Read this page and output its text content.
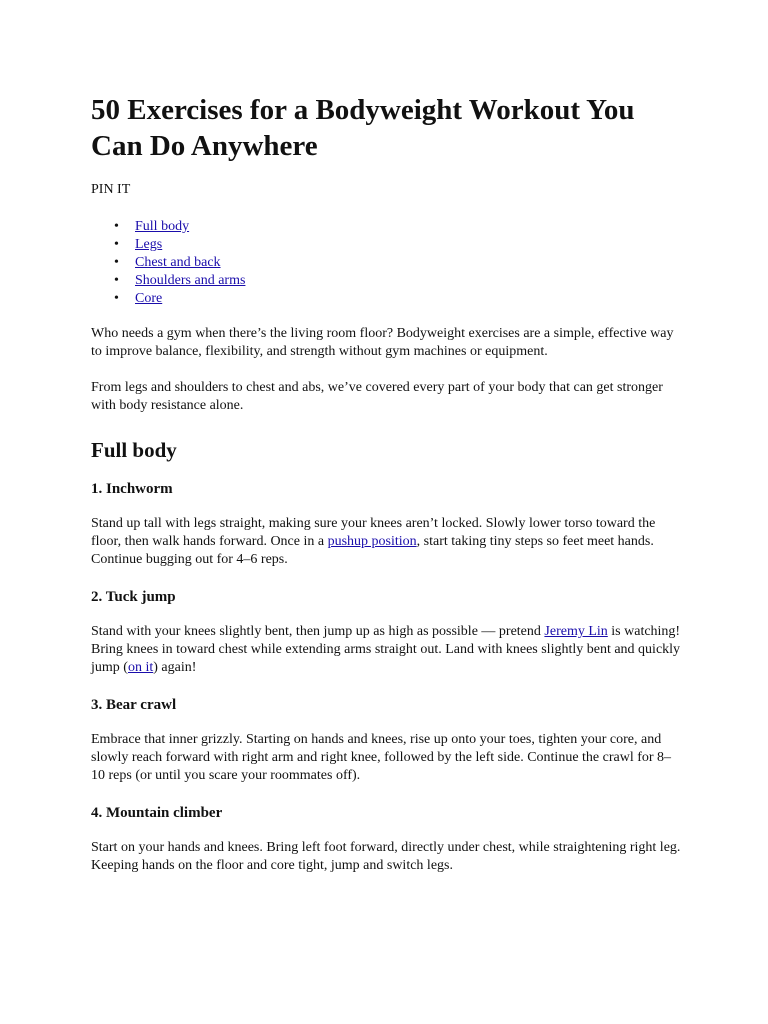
50 Exercises for a Bodyweight Workout You Can Do Anywhere
PIN IT
• Full body
• Legs
• Chest and back
• Shoulders and arms
• Core

Who needs a gym when there’s the living room floor? Bodyweight exercises are a simple, effective way to improve balance, flexibility, and strength without gym machines or equipment.

From legs and shoulders to chest and abs, we’ve covered every part of your body that can get stronger with body resistance alone.

Full body
1. Inchworm

Stand up tall with legs straight, making sure your knees aren’t locked. Slowly lower torso toward the floor, then walk hands forward. Once in a pushup position, start taking tiny steps so feet meet hands. Continue bugging out for 4–6 reps.

2. Tuck jump

Stand with your knees slightly bent, then jump up as high as possible — pretend Jeremy Lin is watching! Bring knees in toward chest while extending arms straight out. Land with knees slightly bent and quickly jump (on it) again!

3. Bear crawl

Embrace that inner grizzly. Starting on hands and knees, rise up onto your toes, tighten your core, and slowly reach forward with right arm and right knee, followed by the left side. Continue the crawl for 8–10 reps (or until you scare your roommates off).

4. Mountain climber

Start on your hands and knees. Bring left foot forward, directly under chest, while straightening right leg. Keeping hands on the floor and core tight, jump and switch legs.
